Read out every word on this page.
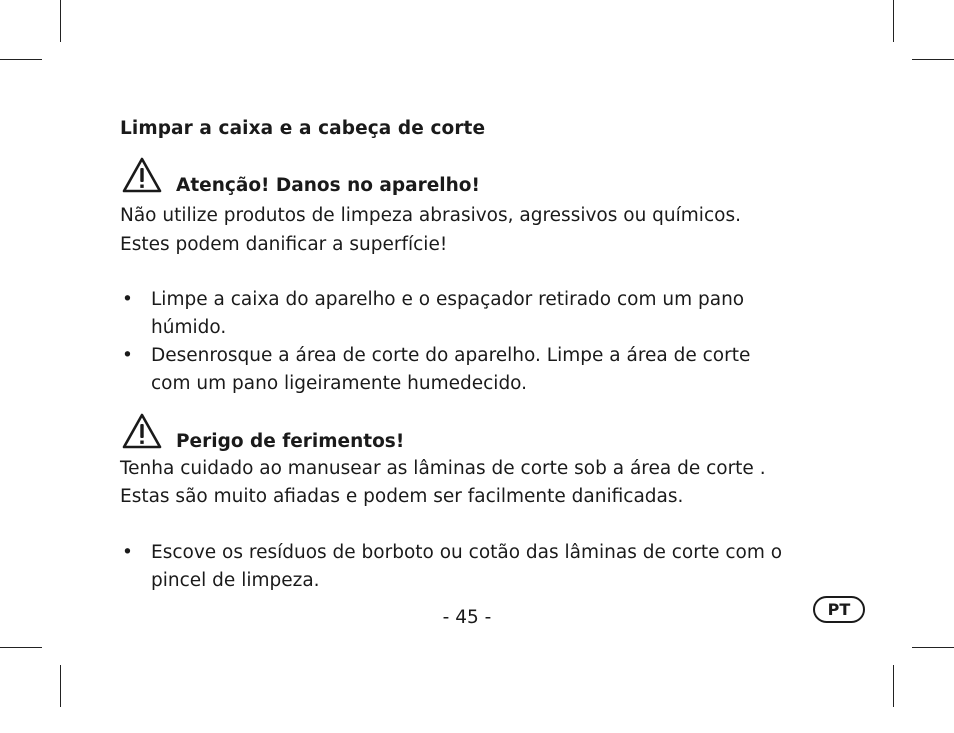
Limpar a caixa e a cabeça de corte
Atenção! Danos no aparelho!

Não utilize produtos de limpeza abrasivos, agressivos ou químicos.

Estes podem danificar a superfície!

• Limpe a caixa do aparelho e o espaçador retirado com um pano
húmido.
• Desenrosque a área de corte do aparelho. Limpe a área de corte
com um pano ligeiramente humedecido.
Perigo de ferimentos!

Tenha cuidado ao manusear as lâminas de corte sob a área de corte .

Estas são muito afiadas e podem ser facilmente danificadas.

• Escove os resíduos de borboto ou cotão das lâminas de corte com o
pincel de limpeza.
- 45 -	PT
